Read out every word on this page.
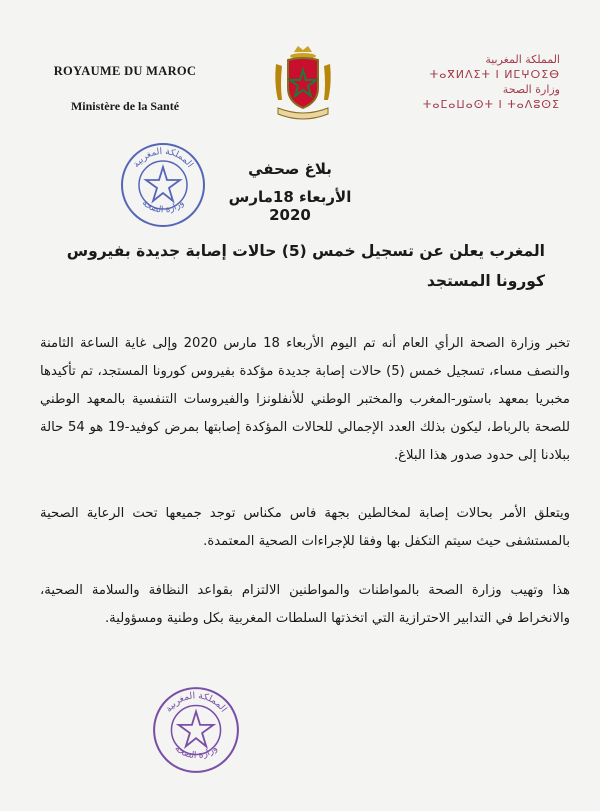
ROYAUME DU MAROC
Ministère de la Santé
المملكة المغربية
ⵜⴰⴳⵍⴷⵉⵜ ⵏ ⵍⵎⵖⵔⵉⴱ
وزارة الصحة
ⵜⴰⵎⴰⵡⴰⵙⵜ ⵏ ⵜⴰⴷⵓⵙⵉ
المملكة المغربية
وزارة الصحة
بلاغ صحفي
الأربعاء 18مارس 2020
المغرب يعلن عن تسجيل خمس (5) حالات إصابة جديدة بفيروس كورونا المستجد

تخبر وزارة الصحة الرأي العام أنه تم اليوم الأربعاء 18 مارس 2020 وإلى غاية الساعة الثامنة والنصف مساء، تسجيل خمس (5) حالات إصابة جديدة مؤكدة بفيروس كورونا المستجد، تم تأكيدها مخبريا بمعهد باستور-المغرب والمختبر الوطني للأنفلونزا والفيروسات التنفسية بالمعهد الوطني للصحة بالرباط، ليكون بذلك العدد الإجمالي للحالات المؤكدة إصابتها بمرض كوفيد-19 هو 54 حالة ببلادنا إلى حدود صدور هذا البلاغ.

ويتعلق الأمر بحالات إصابة لمخالطين بجهة فاس مكناس توجد جميعها تحت الرعاية الصحية بالمستشفى حيث سيتم التكفل بها وفقا للإجراءات الصحية المعتمدة.

هذا وتهيب وزارة الصحة بالمواطنات والمواطنين الالتزام بقواعد النظافة والسلامة الصحية، والانخراط في التدابير الاحترازية التي اتخذتها السلطات المغربية بكل وطنية ومسؤولية.

المملكة المغربية
وزارة الصحة
